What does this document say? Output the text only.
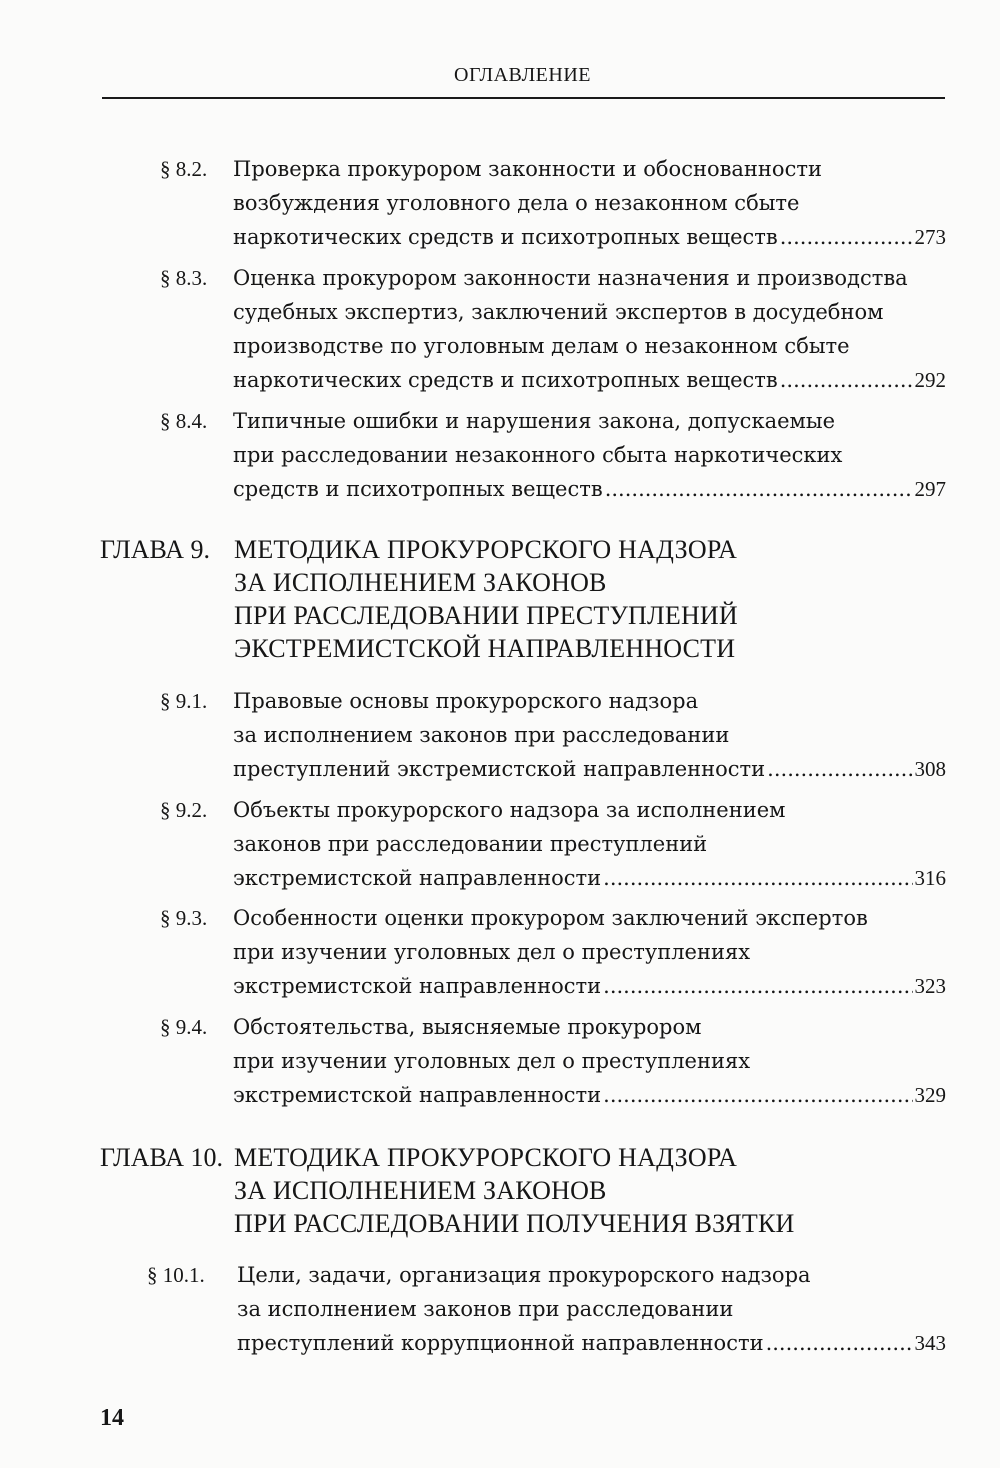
ОГЛАВЛЕНИЕ
§ 8.2. Проверка прокурором законности и обоснованности
возбуждения уголовного дела о незаконном сбыте
наркотических средств и психотропных веществ .....	273
§ 8.3. Оценка прокурором законности назначения и производства
судебных экспертиз, заключений экспертов в досудебном
производстве по уголовным делам о незаконном сбыте
наркотических средств и психотропных веществ .....	292
§ 8.4. Типичные ошибки и нарушения закона, допускаемые
при расследовании незаконного сбыта наркотических
средств и психотропных веществ .....	297
ГЛАВА 9. МЕТОДИКА ПРОКУРОРСКОГО НАДЗОРА
ЗА ИСПОЛНЕНИЕМ ЗАКОНОВ
ПРИ РАССЛЕДОВАНИИ ПРЕСТУПЛЕНИЙ
ЭКСТРЕМИСТСКОЙ НАПРАВЛЕННОСТИ
§ 9.1. Правовые основы прокурорского надзора
за исполнением законов при расследовании
преступлений экстремистской направленности .....	308
§ 9.2. Объекты прокурорского надзора за исполнением
законов при расследовании преступлений
экстремистской направленности .....	316
§ 9.3. Особенности оценки прокурором заключений экспертов
при изучении уголовных дел о преступлениях
экстремистской направленности .....	323
§ 9.4. Обстоятельства, выясняемые прокурором
при изучении уголовных дел о преступлениях
экстремистской направленности .....	329
ГЛАВА 10. МЕТОДИКА ПРОКУРОРСКОГО НАДЗОРА
ЗА ИСПОЛНЕНИЕМ ЗАКОНОВ
ПРИ РАССЛЕДОВАНИИ ПОЛУЧЕНИЯ ВЗЯТКИ
§ 10.1. Цели, задачи, организация прокурорского надзора
за исполнением законов при расследовании
преступлений коррупционной направленности .....	343
14
